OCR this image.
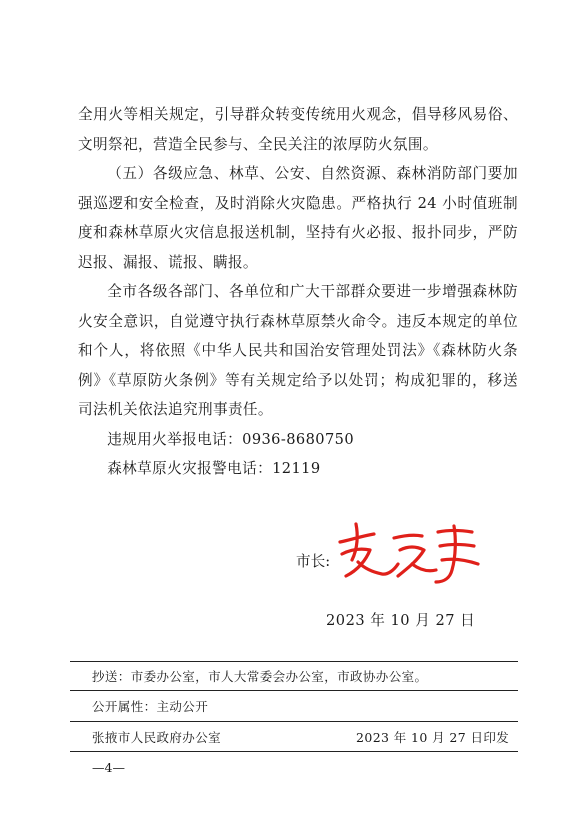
全用火等相关规定，引导群众转变传统用火观念，倡导移风易俗、文明祭祀，营造全民参与、全民关注的浓厚防火氛围。

（五）各级应急、林草、公安、自然资源、森林消防部门要加强巡逻和安全检查，及时消除火灾隐患。严格执行 24 小时值班制度和森林草原火灾信息报送机制，坚持有火必报、报扑同步，严防迟报、漏报、谎报、瞒报。

全市各级各部门、各单位和广大干部群众要进一步增强森林防火安全意识，自觉遵守执行森林草原禁火命令。违反本规定的单位和个人，将依照《中华人民共和国治安管理处罚法》《森林防火条例》《草原防火条例》等有关规定给予以处罚；构成犯罪的，移送司法机关依法追究刑事责任。

违规用火举报电话：0936-8680750

森林草原火灾报警电话：12119

市长:
2023 年 10 月 27 日
抄送：市委办公室，市人大常委会办公室，市政协办公室。
公开属性：主动公开
张掖市人民政府办公室	2023 年 10 月 27 日印发
—4—
